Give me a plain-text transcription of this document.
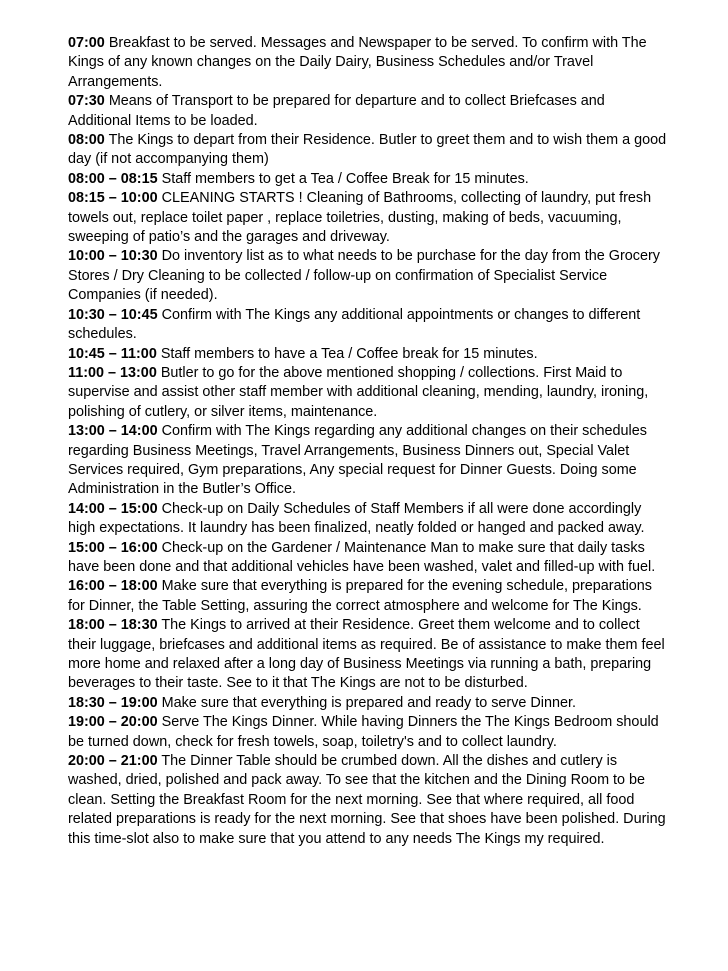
07:00 Breakfast to be served. Messages and Newspaper to be served. To confirm with The Kings of any known changes on the Daily Dairy, Business Schedules and/or Travel Arrangements.

07:30 Means of Transport to be prepared for departure and to collect Briefcases and Additional Items to be loaded.

08:00 The Kings to depart from their Residence. Butler to greet them and to wish them a good day (if not accompanying them)

08:00 – 08:15 Staff members to get a Tea / Coffee Break for 15 minutes.

08:15 – 10:00 CLEANING STARTS ! Cleaning of Bathrooms, collecting of laundry, put fresh towels out, replace toilet paper , replace toiletries, dusting, making of beds, vacuuming, sweeping of patio’s and the garages and driveway.

10:00 – 10:30 Do inventory list as to what needs to be purchase for the day from the Grocery Stores / Dry Cleaning to be collected / follow-up on confirmation of Specialist Service Companies (if needed).

10:30 – 10:45 Confirm with The Kings any additional appointments or changes to different schedules.

10:45 – 11:00 Staff members to have a Tea / Coffee break for 15 minutes.

11:00 – 13:00 Butler to go for the above mentioned shopping / collections. First Maid to supervise and assist other staff member with additional cleaning, mending, laundry, ironing, polishing of cutlery, or silver items, maintenance.

13:00 – 14:00 Confirm with The Kings regarding any additional changes on their schedules regarding Business Meetings, Travel Arrangements, Business Dinners out, Special Valet Services required, Gym preparations, Any special request for Dinner Guests. Doing some Administration in the Butler’s Office.

14:00 – 15:00 Check-up on Daily Schedules of Staff Members if all were done accordingly high expectations. It laundry has been finalized, neatly folded or hanged and packed away.

15:00 – 16:00 Check-up on the Gardener / Maintenance Man to make sure that daily tasks have been done and that additional vehicles have been washed, valet and filled-up with fuel.

16:00 – 18:00 Make sure that everything is prepared for the evening schedule, preparations for Dinner, the Table Setting, assuring the correct atmosphere and welcome for The Kings.

18:00 – 18:30 The Kings to arrived at their Residence. Greet them welcome and to collect their luggage, briefcases and additional items as required. Be of assistance to make them feel more home and relaxed after a long day of Business Meetings via running a bath, preparing beverages to their taste. See to it that The Kings are not to be disturbed.

18:30 – 19:00 Make sure that everything is prepared and ready to serve Dinner.

19:00 – 20:00 Serve The Kings Dinner. While having Dinners the The Kings Bedroom should be turned down, check for fresh towels, soap, toiletry's and to collect laundry.

20:00 – 21:00 The Dinner Table should be crumbed down. All the dishes and cutlery is washed, dried, polished and pack away. To see that the kitchen and the Dining Room to be clean. Setting the Breakfast Room for the next morning. See that where required, all food related preparations is ready for the next morning. See that shoes have been polished. During this time-slot also to make sure that you attend to any needs The Kings my required.
